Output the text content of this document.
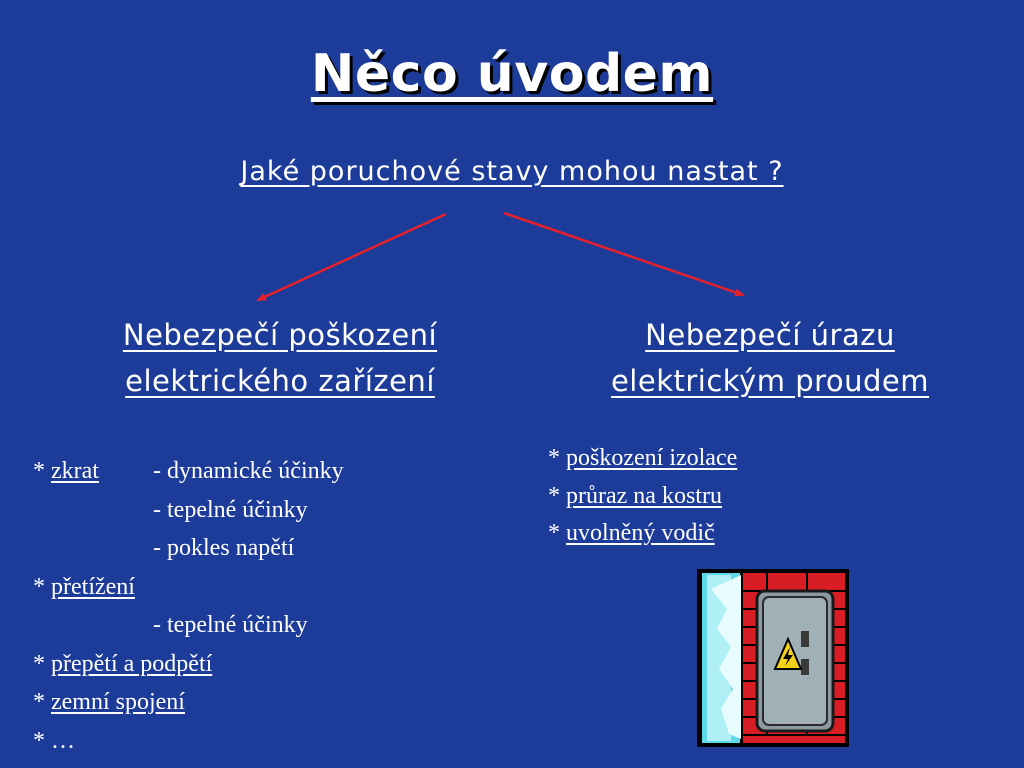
Něco úvodem
Jaké poruchové stavy mohou nastat ?
Nebezpečí poškození
elektrického zařízení
Nebezpečí úrazu
elektrickým proudem
* zkrat - dynamické účinky
- tepelné účinky
- pokles napětí
* přetížení
- tepelné účinky
* přepětí a podpětí
* zemní spojení
* …
* poškození izolace
* průraz na kostru
* uvolněný vodič
